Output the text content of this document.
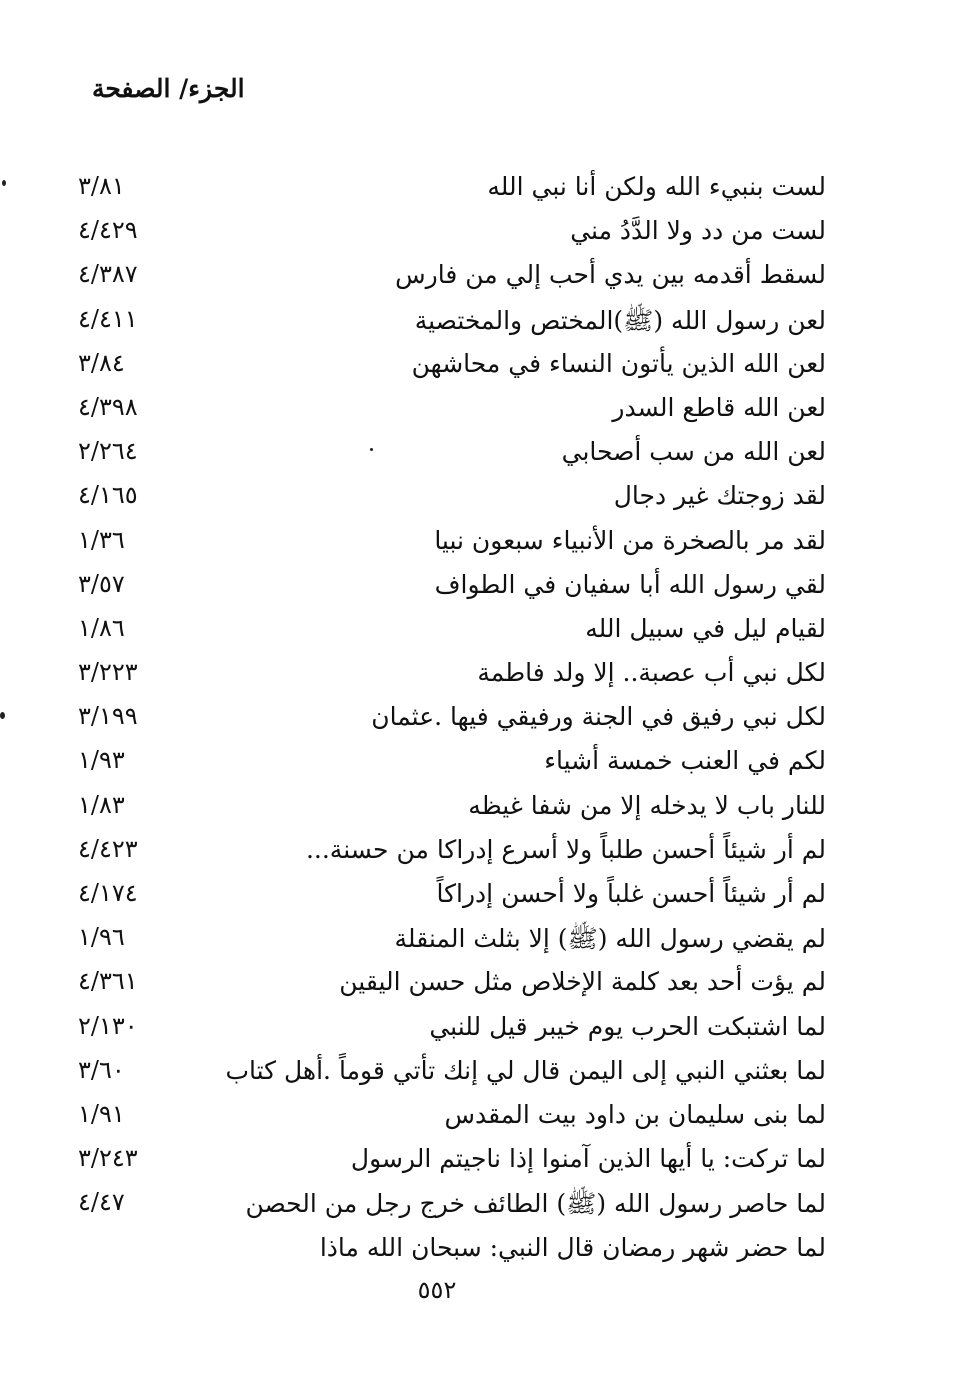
الجزء/ الصفحة
لست بنبيء الله ولكن أنا نبي الله
٣/٨١
لست من دد ولا الدَّدُ مني
٤/٤٢٩
لسقط أقدمه بين يدي أحب إلي من فارس
٤/٣٨٧
لعن رسول الله (ﷺ)المختص والمختصية
٤/٤١١
لعن الله الذين يأتون النساء في محاشهن
٣/٨٤
لعن الله قاطع السدر
٤/٣٩٨
لعن الله من سب أصحابي
٢/٢٦٤
لقد زوجتك غير دجال
٤/١٦٥
لقد مر بالصخرة من الأنبياء سبعون نبيا
١/٣٦
لقي رسول الله أبا سفيان في الطواف
٣/٥٧
لقيام ليل في سبيل الله
١/٨٦
لكل نبي أب عصبة.. إلا ولد فاطمة
٣/٢٢٣
لكل نبي رفيق في الجنة ورفيقي فيها .عثمان
٣/١٩٩
لكم في العنب خمسة أشياء
١/٩٣
للنار باب لا يدخله إلا من شفا غيظه
١/٨٣
لم أر شيئاً أحسن طلباً ولا أسرع إدراكا من حسنة...
٤/٤٢٣
لم أر شيئاً أحسن غلباً ولا أحسن إدراكاً
٤/١٧٤
لم يقضي رسول الله (ﷺ) إلا بثلث المنقلة
١/٩٦
لم يؤت أحد بعد كلمة الإخلاص مثل حسن اليقين
٤/٣٦١
لما اشتبكت الحرب يوم خيبر قيل للنبي
٢/١٣٠
لما بعثني النبي إلى اليمن قال لي إنك تأتي قوماً .أهل كتاب
٣/٦٠
لما بنى سليمان بن داود بيت المقدس
١/٩١
لما تركت: يا أيها الذين آمنوا إذا ناجيتم الرسول
٣/٢٤٣
لما حاصر رسول الله (ﷺ) الطائف خرج رجل من الحصن
٤/٤٧
لما حضر شهر رمضان قال النبي: سبحان الله ماذا
٥٥٢
